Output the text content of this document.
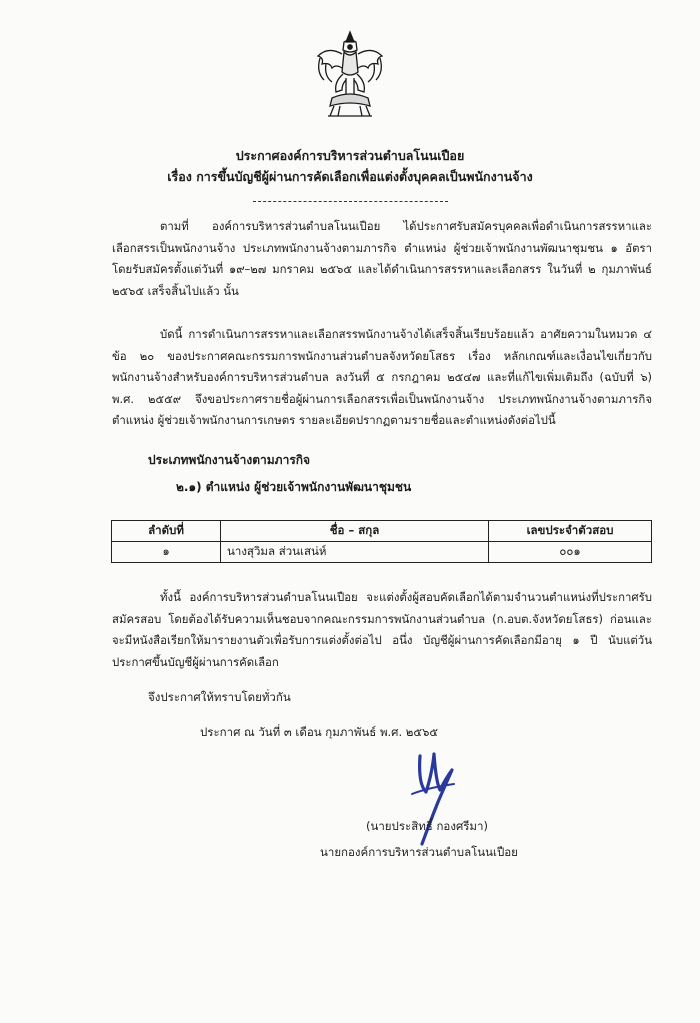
ประกาศองค์การบริหารส่วนตำบลโนนเปือย
เรื่อง การขึ้นบัญชีผู้ผ่านการคัดเลือกเพื่อแต่งตั้งบุคคลเป็นพนักงานจ้าง
ตามที่ องค์การบริหารส่วนตำบลโนนเปือย ได้ประกาศรับสมัครบุคคลเพื่อดำเนินการสรรหาและเลือกสรรเป็นพนักงานจ้าง ประเภทพนักงานจ้างตามภารกิจ ตำแหน่ง ผู้ช่วยเจ้าพนักงานพัฒนาชุมชน ๑ อัตรา โดยรับสมัครตั้งแต่วันที่ ๑๙–๒๗ มกราคม ๒๕๖๕ และได้ดำเนินการสรรหาและเลือกสรร ในวันที่ ๒ กุมภาพันธ์ ๒๕๖๕ เสร็จสิ้นไปแล้ว นั้น
บัดนี้ การดำเนินการสรรหาและเลือกสรรพนักงานจ้างได้เสร็จสิ้นเรียบร้อยแล้ว อาศัยความในหมวด ๔ ข้อ ๒๐ ของประกาศคณะกรรมการพนักงานส่วนตำบลจังหวัดยโสธร เรื่อง หลักเกณฑ์และเงื่อนไขเกี่ยวกับพนักงานจ้างสำหรับองค์การบริหารส่วนตำบล ลงวันที่ ๕ กรกฎาคม ๒๕๔๗ และที่แก้ไขเพิ่มเติมถึง (ฉบับที่ ๖) พ.ศ. ๒๕๕๙ จึงขอประกาศรายชื่อผู้ผ่านการเลือกสรรเพื่อเป็นพนักงานจ้าง ประเภทพนักงานจ้างตามภารกิจ ตำแหน่ง ผู้ช่วยเจ้าพนักงานการเกษตร รายละเอียดปรากฏตามรายชื่อและตำแหน่งดังต่อไปนี้
ประเภทพนักงานจ้างตามภารกิจ
๒.๑) ตำแหน่ง ผู้ช่วยเจ้าพนักงานพัฒนาชุมชน
ลำดับที่	ชื่อ – สกุล	เลขประจำตัวสอบ
๑	นางสุวิมล ส่วนเสน่ห์	๐๐๑
ทั้งนี้ องค์การบริหารส่วนตำบลโนนเปือย จะแต่งตั้งผู้สอบคัดเลือกได้ตามจำนวนตำแหน่งที่ประกาศรับสมัครสอบ โดยต้องได้รับความเห็นชอบจากคณะกรรมการพนักงานส่วนตำบล (ก.อบต.จังหวัดยโสธร) ก่อนและจะมีหนังสือเรียกให้มารายงานตัวเพื่อรับการแต่งตั้งต่อไป อนึ่ง บัญชีผู้ผ่านการคัดเลือกมีอายุ ๑ ปี นับแต่วันประกาศขึ้นบัญชีผู้ผ่านการคัดเลือก
จึงประกาศให้ทราบโดยทั่วกัน
ประกาศ ณ วันที่ ๓ เดือน กุมภาพันธ์ พ.ศ. ๒๕๖๕
(นายประสิทธิ์ กองศรีมา)
นายกองค์การบริหารส่วนตำบลโนนเปือย
